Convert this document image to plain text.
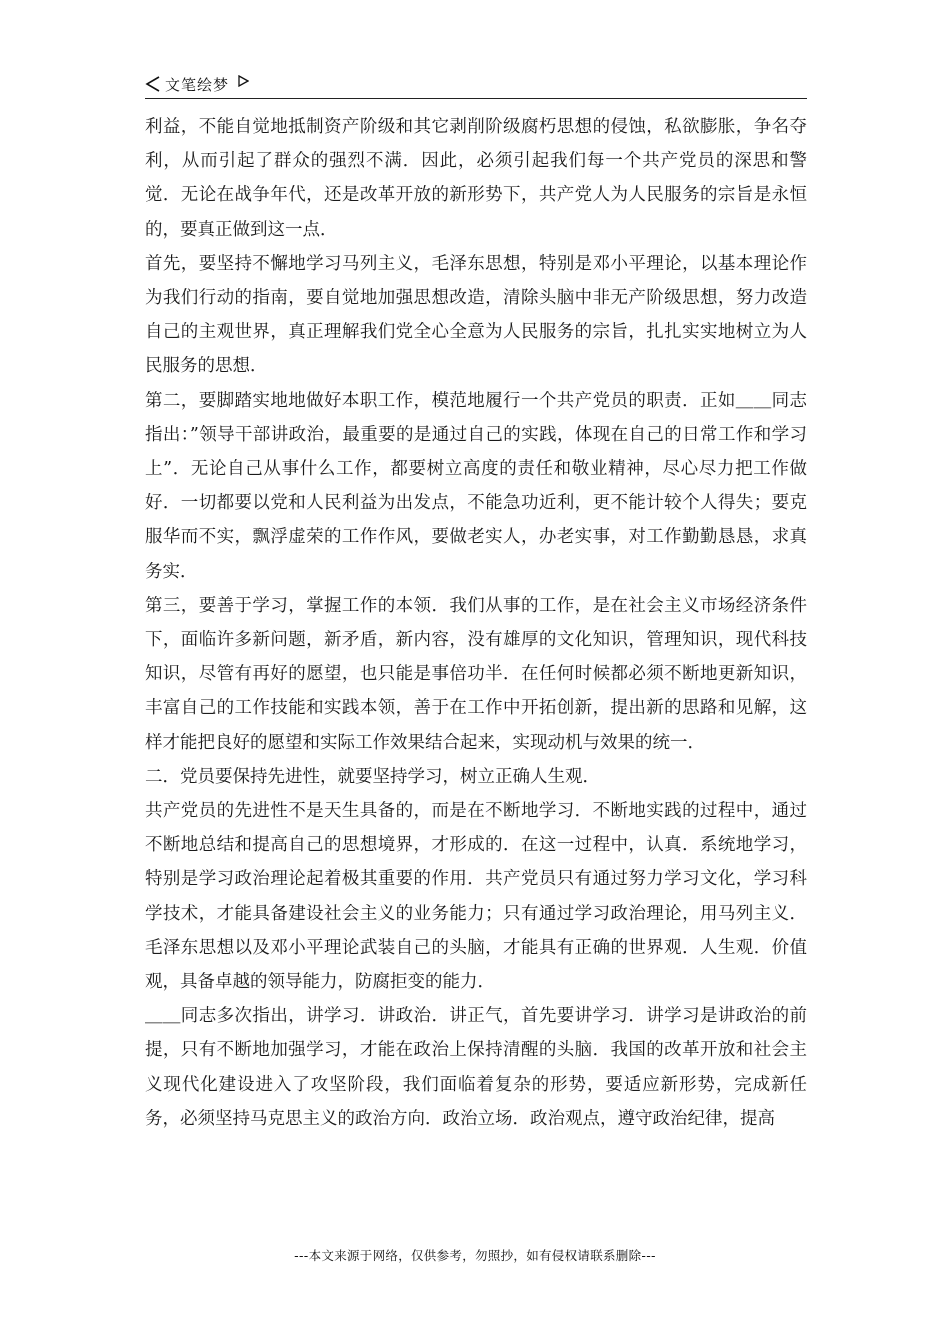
文笔绘梦

利益，不能自觉地抵制资产阶级和其它剥削阶级腐朽思想的侵蚀，私欲膨胀，争名夺利，从而引起了群众的强烈不满．因此，必须引起我们每一个共产党员的深思和警觉．无论在战争年代，还是改革开放的新形势下，共产党人为人民服务的宗旨是永恒的，要真正做到这一点．

首先，要坚持不懈地学习马列主义，毛泽东思想，特别是邓小平理论，以基本理论作为我们行动的指南，要自觉地加强思想改造，清除头脑中非无产阶级思想，努力改造自己的主观世界，真正理解我们党全心全意为人民服务的宗旨，扎扎实实地树立为人民服务的思想．

第二，要脚踏实地地做好本职工作，模范地履行一个共产党员的职责．正如＿＿同志指出：”领导干部讲政治，最重要的是通过自己的实践，体现在自己的日常工作和学习上”．无论自己从事什么工作，都要树立高度的责任和敬业精神，尽心尽力把工作做好．一切都要以党和人民利益为出发点，不能急功近利，更不能计较个人得失；要克服华而不实，飘浮虚荣的工作作风，要做老实人，办老实事，对工作勤勤恳恳，求真务实．

第三，要善于学习，掌握工作的本领．我们从事的工作，是在社会主义市场经济条件下，面临许多新问题，新矛盾，新内容，没有雄厚的文化知识，管理知识，现代科技知识，尽管有再好的愿望，也只能是事倍功半．在任何时候都必须不断地更新知识，丰富自己的工作技能和实践本领，善于在工作中开拓创新，提出新的思路和见解，这样才能把良好的愿望和实际工作效果结合起来，实现动机与效果的统一．

二．党员要保持先进性，就要坚持学习，树立正确人生观．

共产党员的先进性不是天生具备的，而是在不断地学习．不断地实践的过程中，通过不断地总结和提高自己的思想境界，才形成的．在这一过程中，认真．系统地学习，特别是学习政治理论起着极其重要的作用．共产党员只有通过努力学习文化，学习科学技术，才能具备建设社会主义的业务能力；只有通过学习政治理论，用马列主义．毛泽东思想以及邓小平理论武装自己的头脑，才能具有正确的世界观．人生观．价值观，具备卓越的领导能力，防腐拒变的能力．

＿＿同志多次指出，讲学习．讲政治．讲正气，首先要讲学习．讲学习是讲政治的前提，只有不断地加强学习，才能在政治上保持清醒的头脑．我国的改革开放和社会主义现代化建设进入了攻坚阶段，我们面临着复杂的形势，要适应新形势，完成新任务，必须坚持马克思主义的政治方向．政治立场．政治观点，遵守政治纪律，提高

---本文来源于网络，仅供参考，勿照抄，如有侵权请联系删除---
